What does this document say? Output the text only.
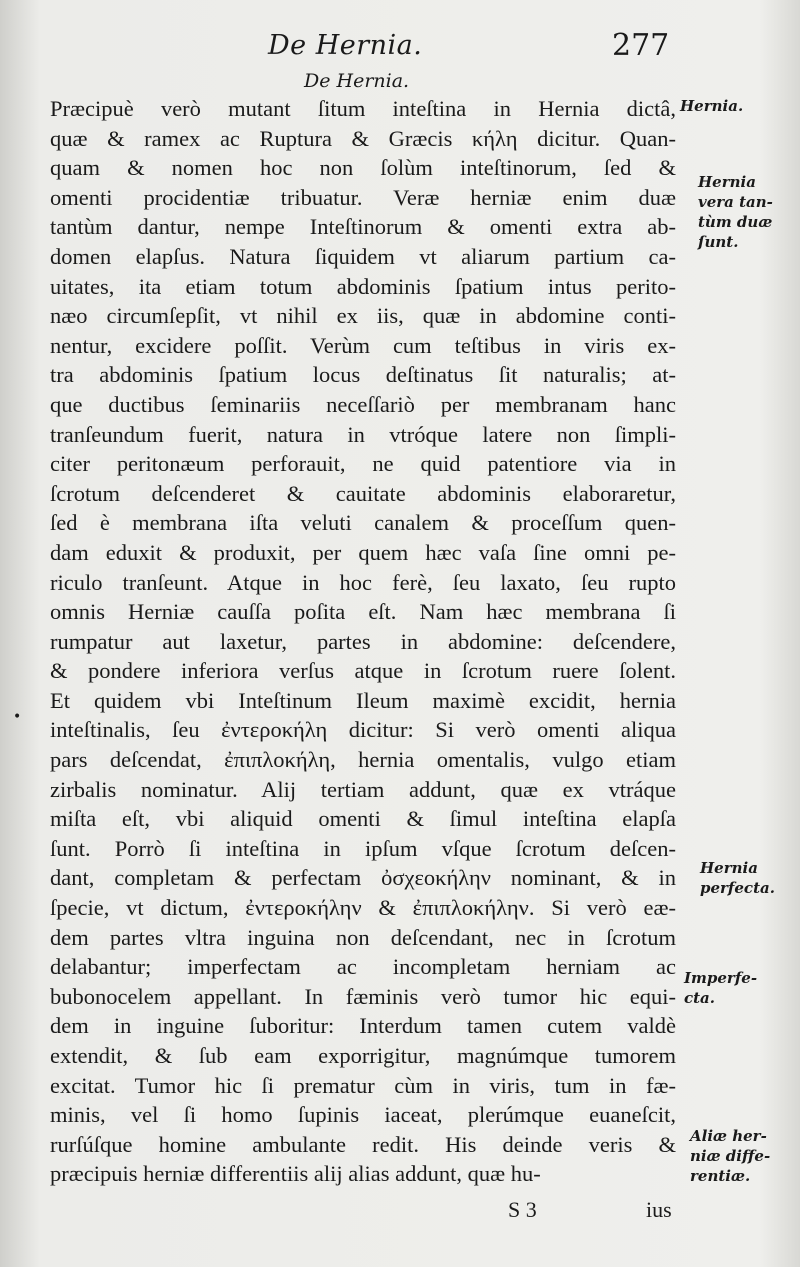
De Hernia.	277
De Hernia.
Præcipuè verò mutant ſitum inteſtina in Hernia dictâ,
quæ & ramex ac Ruptura & Græcis κήλη dicitur. Quan-
quam & nomen hoc non ſolùm inteſtinorum, ſed &
omenti procidentiæ tribuatur. Veræ herniæ enim duæ
tantùm dantur, nempe Inteſtinorum & omenti extra ab-
domen elapſus. Natura ſiquidem vt aliarum partium ca-
uitates, ita etiam totum abdominis ſpatium intus perito-
næo circumſepſit, vt nihil ex iis, quæ in abdomine conti-
nentur, excidere poſſit. Verùm cum teſtibus in viris ex-
tra abdominis ſpatium locus deſtinatus ſit naturalis; at-
que ductibus ſeminariis neceſſariò per membranam hanc
tranſeundum fuerit, natura in vtróque latere non ſimpli-
citer peritonæum perforauit, ne quid patentiore via in
ſcrotum deſcenderet & cauitate abdominis elaboraretur,
ſed è membrana iſta veluti canalem & proceſſum quen-
dam eduxit & produxit, per quem hæc vaſa ſine omni pe-
riculo tranſeunt. Atque in hoc ferè, ſeu laxato, ſeu rupto
omnis Herniæ cauſſa poſita eſt. Nam hæc membrana ſi
rumpatur aut laxetur, partes in abdomine: deſcendere,
& pondere inferiora verſus atque in ſcrotum ruere ſolent.
Et quidem vbi Inteſtinum Ileum maximè excidit, hernia
inteſtinalis, ſeu ἐντεροκήλη dicitur: Si verò omenti aliqua
pars deſcendat, ἐπιπλοκήλη, hernia omentalis, vulgo etiam
zirbalis nominatur. Alij tertiam addunt, quæ ex vtráque
miſta eſt, vbi aliquid omenti & ſimul inteſtina elapſa
ſunt. Porrò ſi inteſtina in ipſum vſque ſcrotum deſcen-
dant, completam & perfectam ὀσχεοκήλην nominant, & in
ſpecie, vt dictum, ἐντεροκήλην & ἐπιπλοκήλην. Si verò eæ-
dem partes vltra inguina non deſcendant, nec in ſcrotum
delabantur; imperfectam ac incompletam herniam ac
bubonocelem appellant. In fæminis verò tumor hic equi-
dem in inguine ſuboritur: Interdum tamen cutem valdè
extendit, & ſub eam exporrigitur, magnúmque tumorem
excitat. Tumor hic ſi prematur cùm in viris, tum in fæ-
minis, vel ſi homo ſupinis iaceat, plerúmque euaneſcit,
rurſúſque homine ambulante redit. His deinde veris &
præcipuis herniæ differentiis alij alias addunt, quæ hu-
•
Hernia.
Hernia
vera tan-
tùm duæ
ſunt.
Hernia
perfecta.
Imperfe-
cta.
Aliæ her-
niæ diffe-
rentiæ.
S 3	ius
